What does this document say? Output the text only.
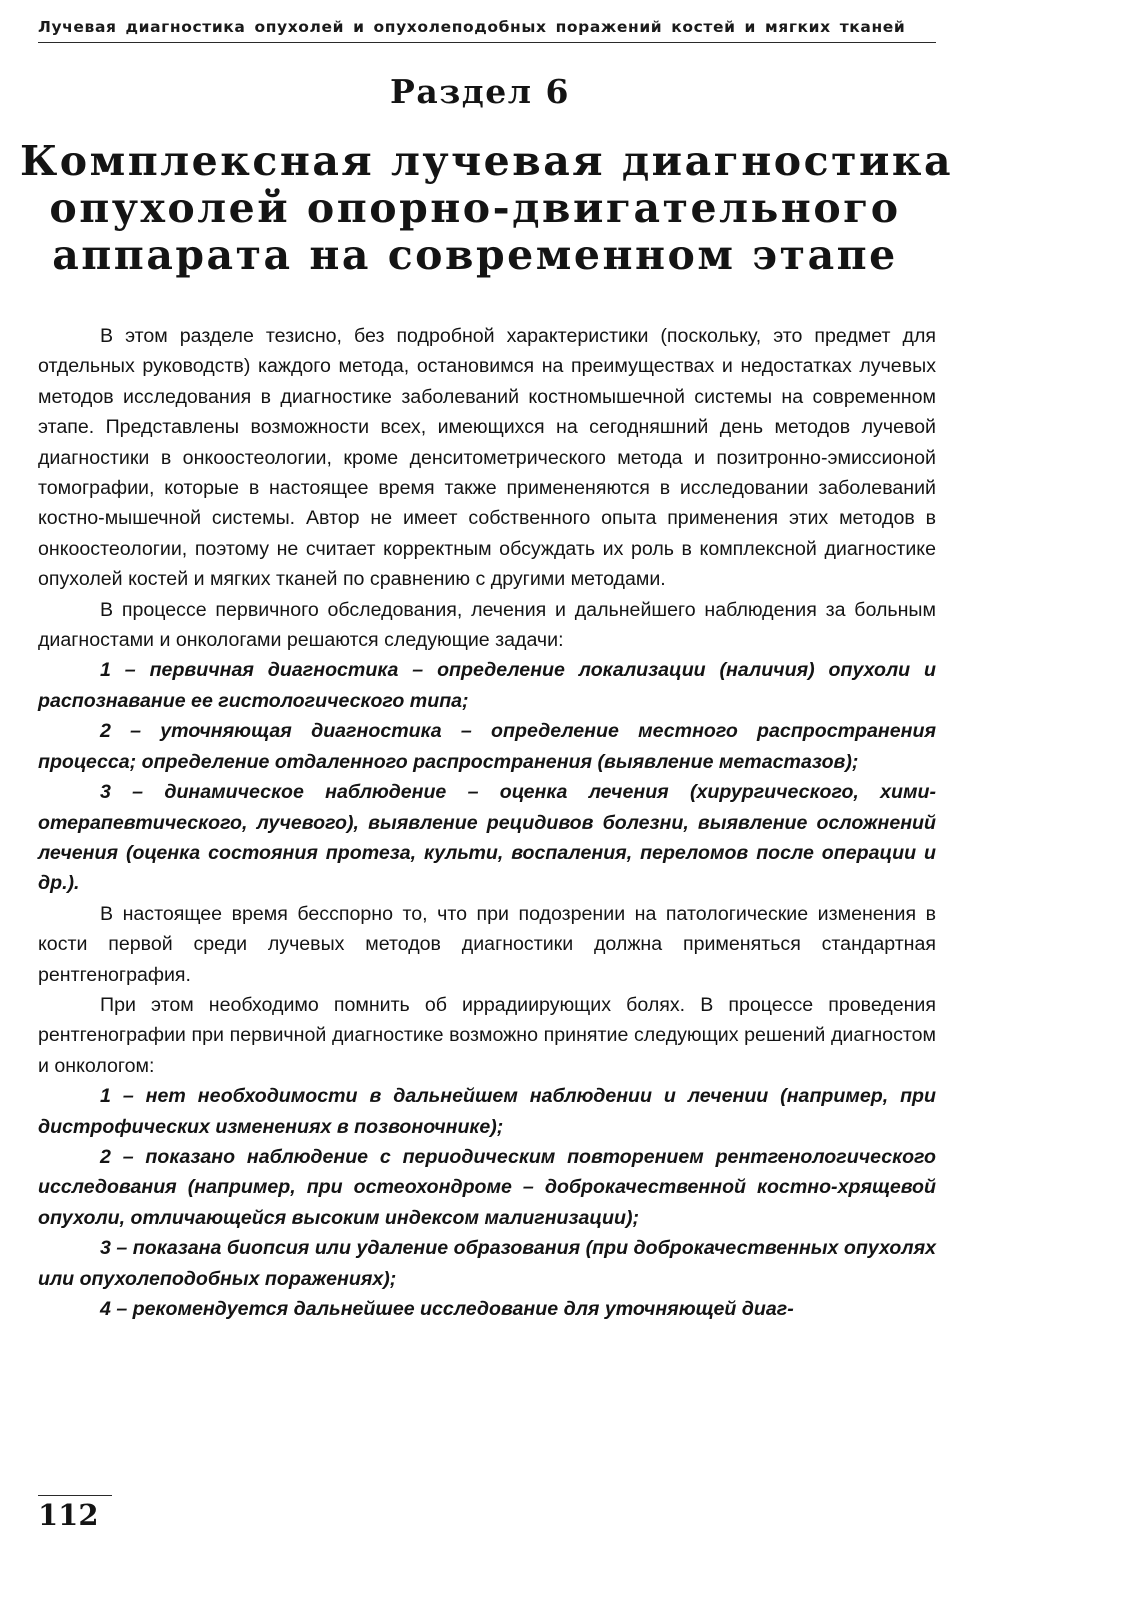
Лучевая диагностика опухолей и опухолеподобных поражений костей и мягких тканей
Раздел 6
Комплексная лучевая диагностика
опухолей опорно-двигательного
аппарата на современном этапе

В этом разделе тезисно, без подробной характеристики (поскольку, это предмет для отдельных руководств) каждого метода, остановимся на преимуществах и недостатках лучевых методов исследования в диагностике заболеваний костномышечной системы на современном этапе. Представлены возможности всех, имеющихся на сегодняшний день методов лучевой диагностики в онкоостеологии, кроме денситометрического метода и позитронно-эмиссионой томографии, которые в настоящее время также примененяются в исследовании заболеваний костно-мышечной системы. Автор не имеет собственного опыта применения этих методов в онкоостеологии, поэтому не считает корректным обсуждать их роль в комплексной диагностике опухолей костей и мягких тканей по сравнению с другими методами.

В процессе первичного обследования, лечения и дальнейшего наблюдения за больным диагностами и онкологами решаются следующие задачи:

1 – первичная диагностика – определение локализации (наличия) опухоли и распознавание ее гистологического типа;

2 – уточняющая диагностика – определение местного распространения процесса; определение отдаленного распространения (выявление метастазов);

3 – динамическое наблюдение – оценка лечения (хирургического, химиотерапевтического, лучевого), выявление рецидивов болезни, выявление осложнений лечения (оценка состояния протеза, культи, воспаления, переломов после операции и др.).

В настоящее время бесспорно то, что при подозрении на патологические изменения в кости первой среди лучевых методов диагностики должна применяться стандартная рентгенография.

При этом необходимо помнить об иррадиирующих болях. В процессе проведения рентгенографии при первичной диагностике возможно принятие следующих решений диагностом и онкологом:

1 – нет необходимости в дальнейшем наблюдении и лечении (например, при дистрофических изменениях в позвоночнике);

2 – показано наблюдение с периодическим повторением рентгенологического исследования (например, при остеохондроме – доброкачественной костно-хрящевой опухоли, отличающейся высоким индексом малигнизации);

3 – показана биопсия или удаление образования (при доброкачественных опухолях или опухолеподобных поражениях);

4 – рекомендуется дальнейшее исследование для уточняющей диаг-

112
